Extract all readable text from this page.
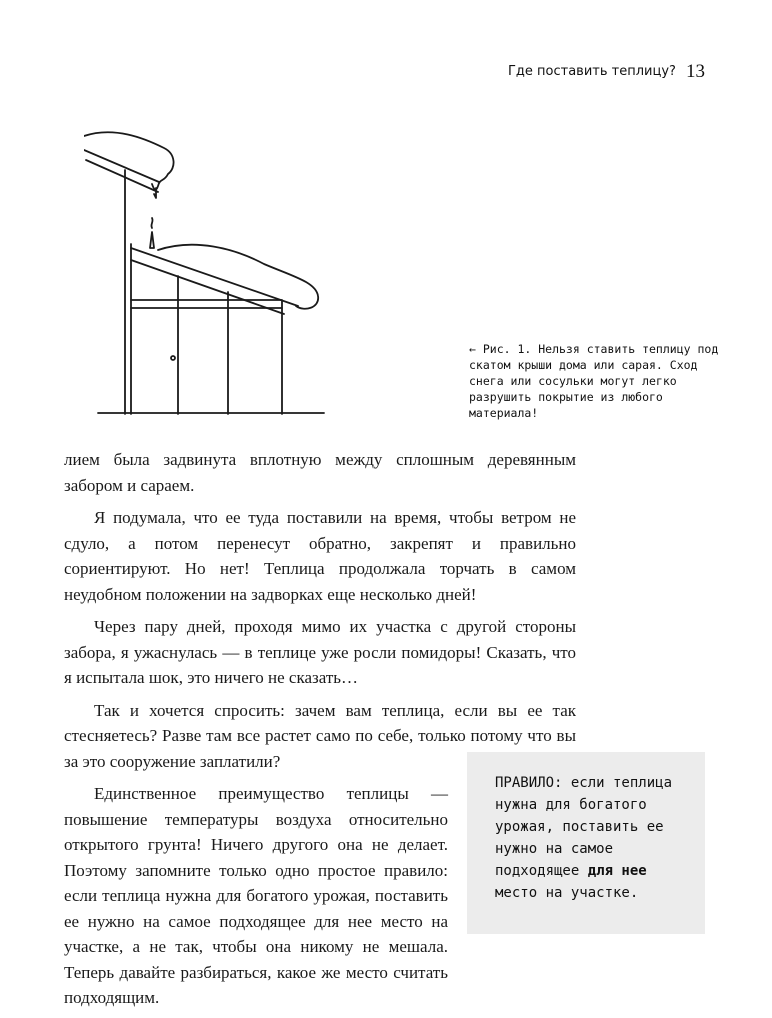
Где поставить теплицу? 13
← Рис. 1. Нельзя ставить теплицу под скатом крыши дома или сарая. Сход снега или сосульки могут легко разрушить покрытие из любого материала!

лием была задвинута вплотную между сплошным деревянным забором и сараем.

Я подумала, что ее туда поставили на время, чтобы ветром не сдуло, а потом перенесут обратно, закрепят и правильно сориентируют. Но нет! Теплица продолжала торчать в самом неудобном положении на задворках еще несколько дней!

Через пару дней, проходя мимо их участка с другой стороны забора, я ужаснулась — в теплице уже росли помидоры! Сказать, что я испытала шок, это ничего не сказать…

Так и хочется спросить: зачем вам теплица, если вы ее так стесняетесь? Разве там все растет само по себе, только потому что вы за это сооружение заплатили?

Единственное преимущество теплицы — повышение температуры воздуха относительно открытого грунта! Ничего другого она не делает. Поэтому запомните только одно простое правило: если теплица нужна для богатого урожая, поставить ее нужно на самое подходящее для нее место на участке, а не так, чтобы она никому не мешала. Теперь давайте разбираться, какое же место считать подходящим.

ПРАВИЛО: если теплица нужна для богатого урожая, поставить ее нужно на самое подходящее для нее место на участке.
